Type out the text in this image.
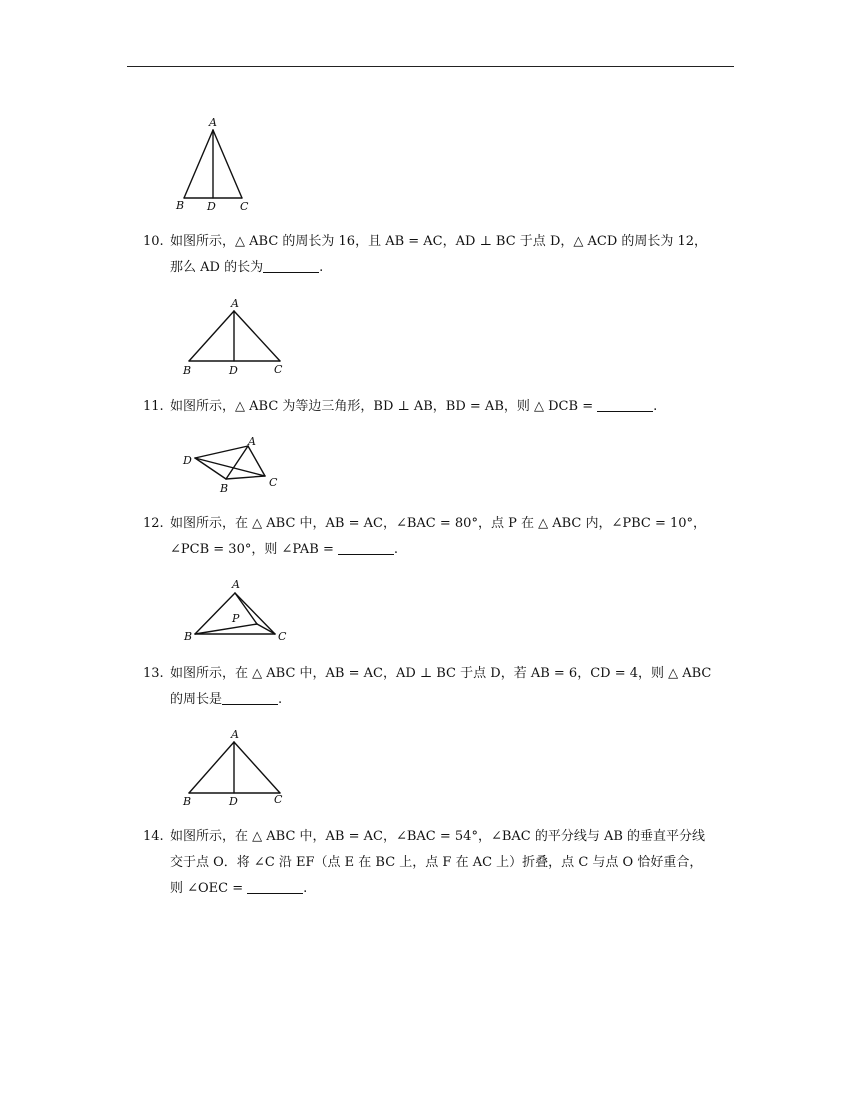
A
B D C
10. 如图所示，△ ABC 的周长为 16，且 AB = AC，AD ⊥ BC 于点 D，△ ACD 的周长为 12，
那么 AD 的长为	.
A
B	D	C
11. 如图所示，△ ABC 为等边三角形，BD ⊥ AB，BD = AB，则 △ DCB =	.
A
D
B	C
12. 如图所示，在 △ ABC 中，AB = AC，∠BAC = 80°，点 P 在 △ ABC 内，∠PBC = 10°，
∠PCB = 30°，则 ∠PAB =	.
A
B
P
C
13. 如图所示，在 △ ABC 中，AB = AC，AD ⊥ BC 于点 D，若 AB = 6，CD = 4，则 △ ABC
的周长是	.
A
B	D	C
14. 如图所示，在 △ ABC 中，AB = AC，∠BAC = 54°，∠BAC 的平分线与 AB 的垂直平分线
交于点 O．将 ∠C 沿 EF（点 E 在 BC 上，点 F 在 AC 上）折叠，点 C 与点 O 恰好重合，
则 ∠OEC =	.
